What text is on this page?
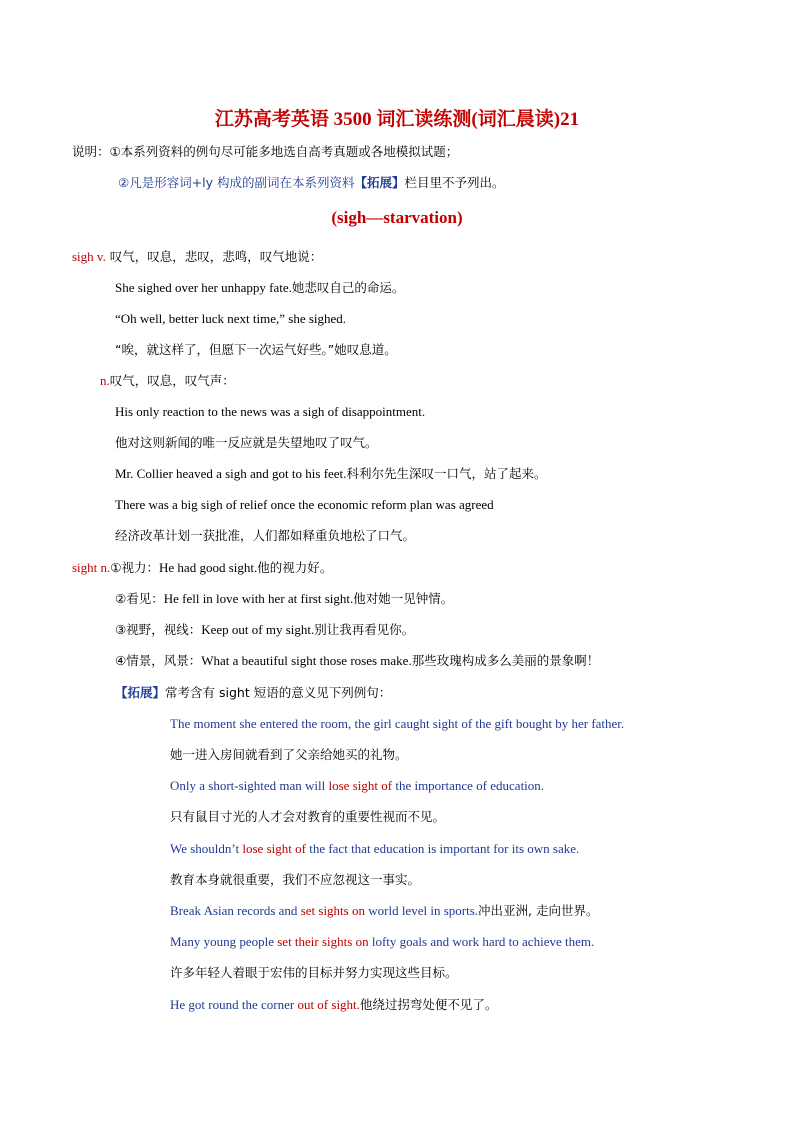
江苏高考英语 3500 词汇读练测(词汇晨读)21
说明：①本系列资料的例句尽可能多地选自高考真题或各地模拟试题；
②凡是形容词+ly 构成的副词在本系列资料【拓展】栏目里不予列出。
(sigh—starvation)
sigh v. 叹气，叹息，悲叹，悲鸣，叹气地说：
She sighed over her unhappy fate.她悲叹自己的命运。
“Oh well, better luck next time,” she sighed.
“唉，就这样了，但愿下一次运气好些。”她叹息道。
n.叹气，叹息，叹气声：
His only reaction to the news was a sigh of disappointment.
他对这则新闻的唯一反应就是失望地叹了叹气。
Mr. Collier heaved a sigh and got to his feet.科利尔先生深叹一口气，站了起来。
There was a big sigh of relief once the economic reform plan was agreed
经济改革计划一获批准，人们都如释重负地松了口气。
sight n.①视力：He had good sight.他的视力好。
②看见：He fell in love with her at first sight.他对她一见钟情。
③视野，视线：Keep out of my sight.别让我再看见你。
④情景，风景：What a beautiful sight those roses make.那些玫瑰构成多么美丽的景象啊！
【拓展】常考含有 sight 短语的意义见下列例句：
The moment she entered the room, the girl caught sight of the gift bought by her father.
她一进入房间就看到了父亲给她买的礼物。
Only a short-sighted man will lose sight of the importance of education.
只有鼠目寸光的人才会对教育的重要性视而不见。
We shouldn’t lose sight of the fact that education is important for its own sake.
教育本身就很重要，我们不应忽视这一事实。
Break Asian records and set sights on world level in sports.冲出亚洲, 走向世界。
Many young people set their sights on lofty goals and work hard to achieve them.
许多年轻人着眼于宏伟的目标并努力实现这些目标。
He got round the corner out of sight.他绕过拐弯处便不见了。
